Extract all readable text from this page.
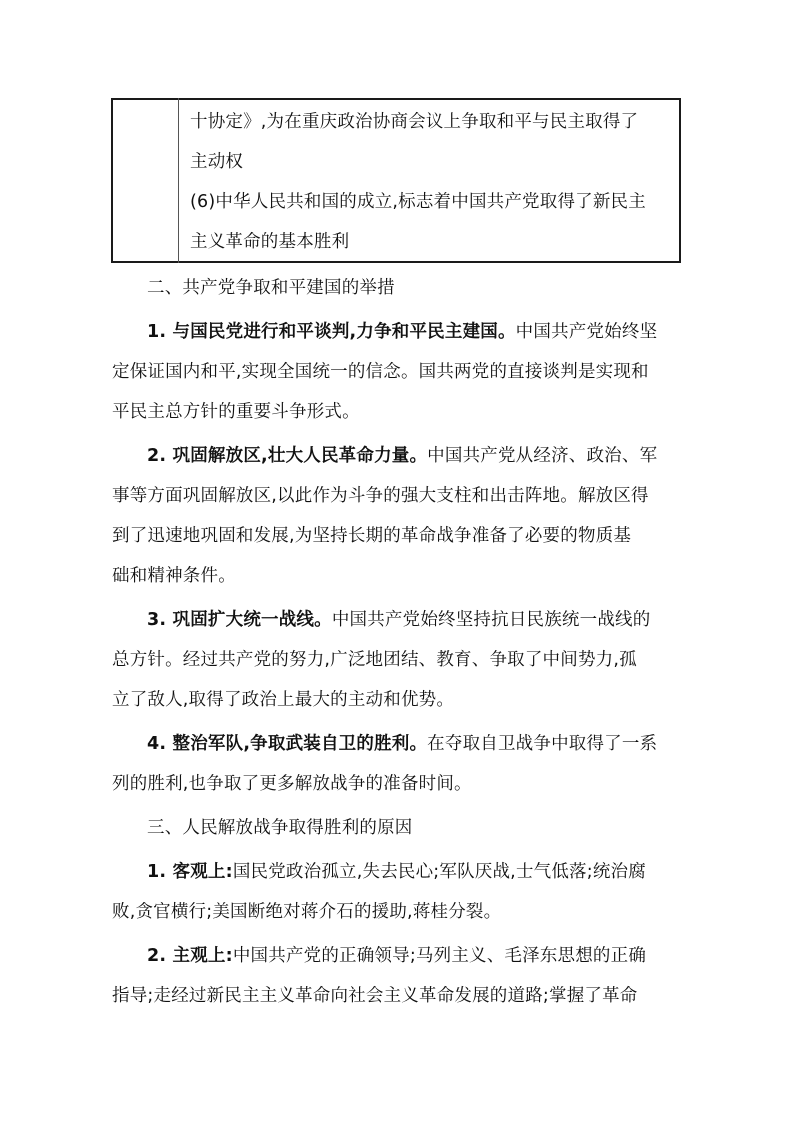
十协定》,为在重庆政治协商会议上争取和平与民主取得了
主动权
(6)中华人民共和国的成立,标志着中国共产党取得了新民主
主义革命的基本胜利
二、共产党争取和平建国的举措
1. 与国民党进行和平谈判,力争和平民主建国。中国共产党始终坚
定保证国内和平,实现全国统一的信念。国共两党的直接谈判是实现和
平民主总方针的重要斗争形式。
2. 巩固解放区,壮大人民革命力量。中国共产党从经济、政治、军
事等方面巩固解放区,以此作为斗争的强大支柱和出击阵地。解放区得
到了迅速地巩固和发展,为坚持长期的革命战争准备了必要的物质基
础和精神条件。
3. 巩固扩大统一战线。中国共产党始终坚持抗日民族统一战线的
总方针。经过共产党的努力,广泛地团结、教育、争取了中间势力,孤
立了敌人,取得了政治上最大的主动和优势。
4. 整治军队,争取武装自卫的胜利。在夺取自卫战争中取得了一系
列的胜利,也争取了更多解放战争的准备时间。
三、人民解放战争取得胜利的原因
1. 客观上:国民党政治孤立,失去民心;军队厌战,士气低落;统治腐
败,贪官横行;美国断绝对蒋介石的援助,蒋桂分裂。
2. 主观上:中国共产党的正确领导;马列主义、毛泽东思想的正确
指导;走经过新民主主义革命向社会主义革命发展的道路;掌握了革命
